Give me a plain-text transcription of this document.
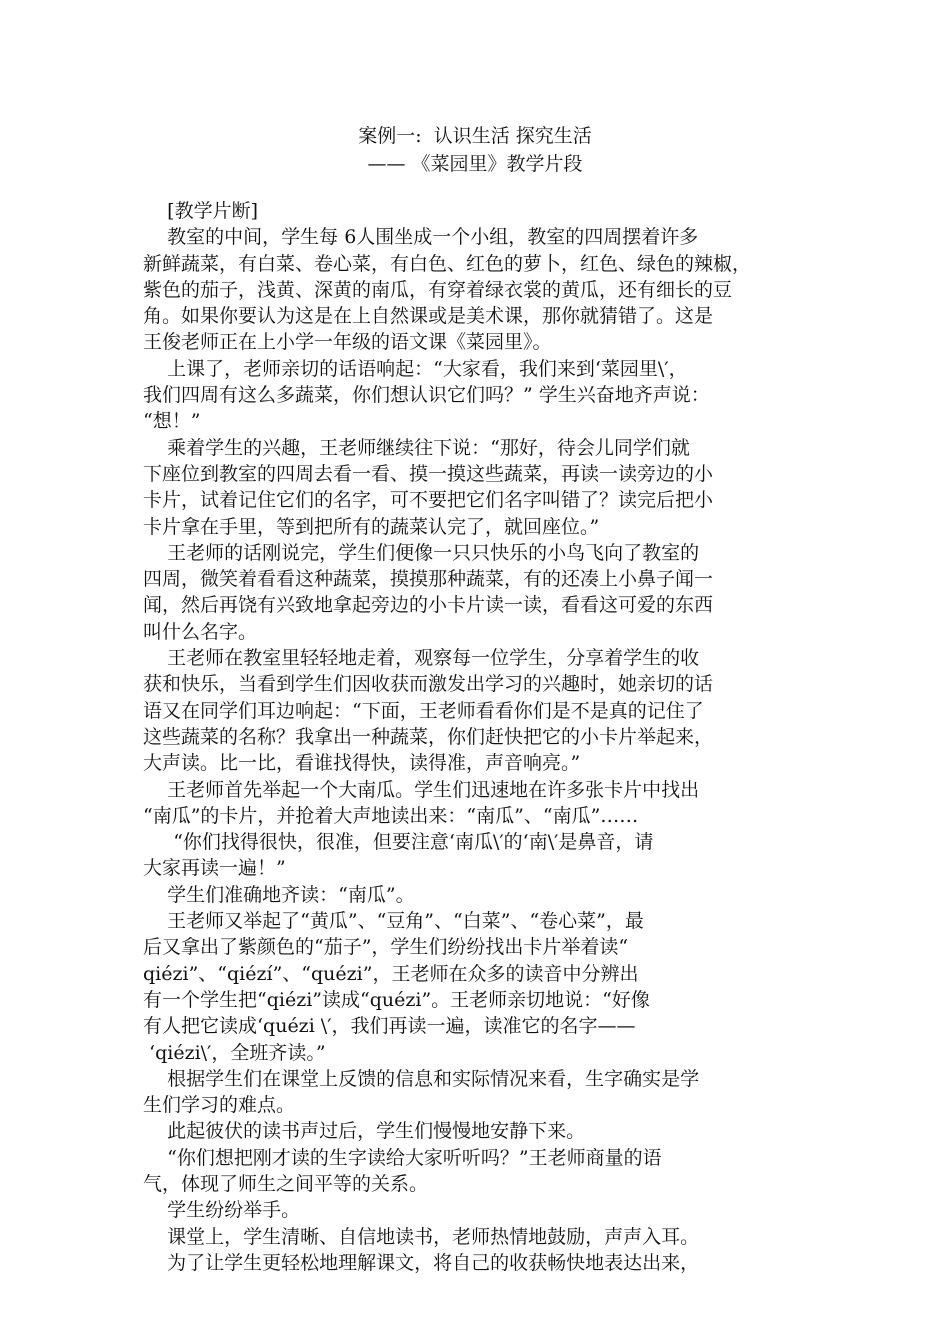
案例一:  认识生活 探究生活
—— 《菜园里》教学片段
[教学片断]
教室的中间，学生每 6人围坐成一个小组，教室的四周摆着许多
新鲜蔬菜，有白菜、卷心菜，有白色、红色的萝卜，红色、绿色的辣椒，
紫色的茄子，浅黄、深黄的南瓜，有穿着绿衣裳的黄瓜，还有细长的豆
角。如果你要认为这是在上自然课或是美术课，那你就猜错了。这是
王俊老师正在上小学一年级的语文课《菜园里》。
上课了，老师亲切的话语响起：“大家看，我们来到‘菜园里\′，
我们四周有这么多蔬菜，你们想认识它们吗？” 学生兴奋地齐声说：
“想！”
乘着学生的兴趣，王老师继续往下说：“那好，待会儿同学们就
下座位到教室的四周去看一看、摸一摸这些蔬菜，再读一读旁边的小
卡片，试着记住它们的名字，可不要把它们名字叫错了？读完后把小
卡片拿在手里，等到把所有的蔬菜认完了，就回座位。”
王老师的话刚说完，学生们便像一只只快乐的小鸟飞向了教室的
四周，微笑着看看这种蔬菜，摸摸那种蔬菜，有的还凑上小鼻子闻一
闻，然后再饶有兴致地拿起旁边的小卡片读一读，看看这可爱的东西
叫什么名字。
王老师在教室里轻轻地走着，观察每一位学生，分享着学生的收
获和快乐，当看到学生们因收获而激发出学习的兴趣时，她亲切的话
语又在同学们耳边响起：“下面，王老师看看你们是不是真的记住了
这些蔬菜的名称？我拿出一种蔬菜，你们赶快把它的小卡片举起来，
大声读。比一比，看谁找得快，读得准，声音响亮。”
王老师首先举起一个大南瓜。学生们迅速地在许多张卡片中找出
“南瓜”的卡片，并抢着大声地读出来：“南瓜”、“南瓜”……
“你们找得很快，很准，但要注意‘南瓜\′的‘南\′是鼻音，请
大家再读一遍！”
学生们准确地齐读：“南瓜”。
王老师又举起了“黄瓜”、“豆角”、“白菜”、“卷心菜”，最
后又拿出了紫颜色的“茄子”，学生们纷纷找出卡片举着读“
qiézi”、“qiézí”、“quézi”，王老师在众多的读音中分辨出
有一个学生把“qiézi”读成“quézi”。王老师亲切地说：“好像
有人把它读成‘quézi \′，我们再读一遍，读准它的名字——
‘qiézi\′，全班齐读。”
根据学生们在课堂上反馈的信息和实际情况来看，生字确实是学
生们学习的难点。
此起彼伏的读书声过后，学生们慢慢地安静下来。
“你们想把刚才读的生字读给大家听听吗？”王老师商量的语
气，体现了师生之间平等的关系。
学生纷纷举手。
课堂上，学生清晰、自信地读书，老师热情地鼓励，声声入耳。
为了让学生更轻松地理解课文，将自己的收获畅快地表达出来，
